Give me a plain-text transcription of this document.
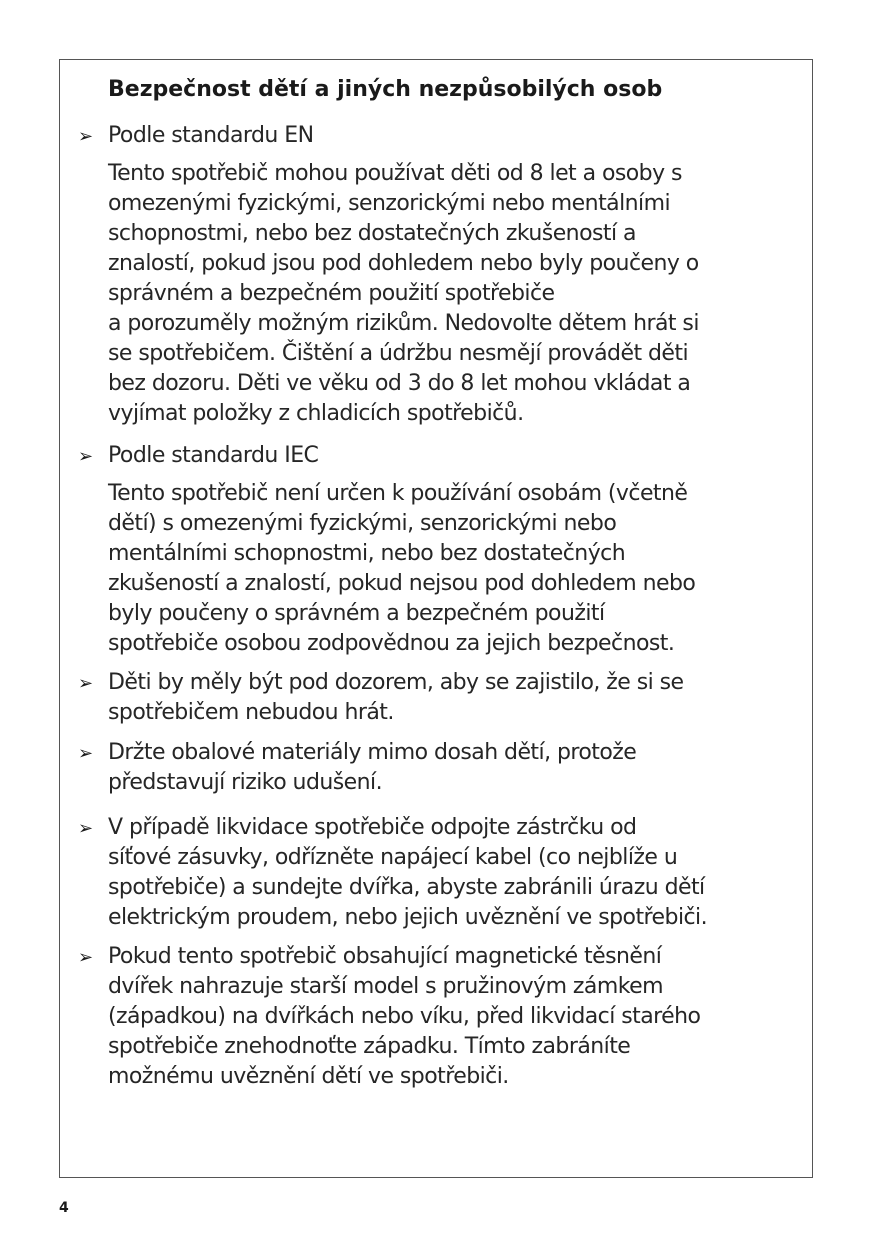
Bezpečnost dětí a jiných nezpůsobilých osob
➢ Podle standardu EN
Tento spotřebič mohou používat děti od 8 let a osoby s
omezenými fyzickými, senzorickými nebo mentálními
schopnostmi, nebo bez dostatečných zkušeností a
znalostí, pokud jsou pod dohledem nebo byly poučeny o
správném a bezpečném použití spotřebiče
a porozuměly možným rizikům. Nedovolte dětem hrát si
se spotřebičem. Čištění a údržbu nesmějí provádět děti
bez dozoru. Děti ve věku od 3 do 8 let mohou vkládat a
vyjímat položky z chladicích spotřebičů.
➢ Podle standardu IEC
Tento spotřebič není určen k používání osobám (včetně
dětí) s omezenými fyzickými, senzorickými nebo
mentálními schopnostmi, nebo bez dostatečných
zkušeností a znalostí, pokud nejsou pod dohledem nebo
byly poučeny o správném a bezpečném použití
spotřebiče osobou zodpovědnou za jejich bezpečnost.
➢ Děti by měly být pod dozorem, aby se zajistilo, že si se
spotřebičem nebudou hrát.
➢ Držte obalové materiály mimo dosah dětí, protože
představují riziko udušení.
➢ V případě likvidace spotřebiče odpojte zástrčku od
síťové zásuvky, odřízněte napájecí kabel (co nejblíže u
spotřebiče) a sundejte dvířka, abyste zabránili úrazu dětí
elektrickým proudem, nebo jejich uvěznění ve spotřebiči.
➢ Pokud tento spotřebič obsahující magnetické těsnění
dvířek nahrazuje starší model s pružinovým zámkem
(západkou) na dvířkách nebo víku, před likvidací starého
spotřebiče znehodnoťte západku. Tímto zabráníte
možnému uvěznění dětí ve spotřebiči.
4
